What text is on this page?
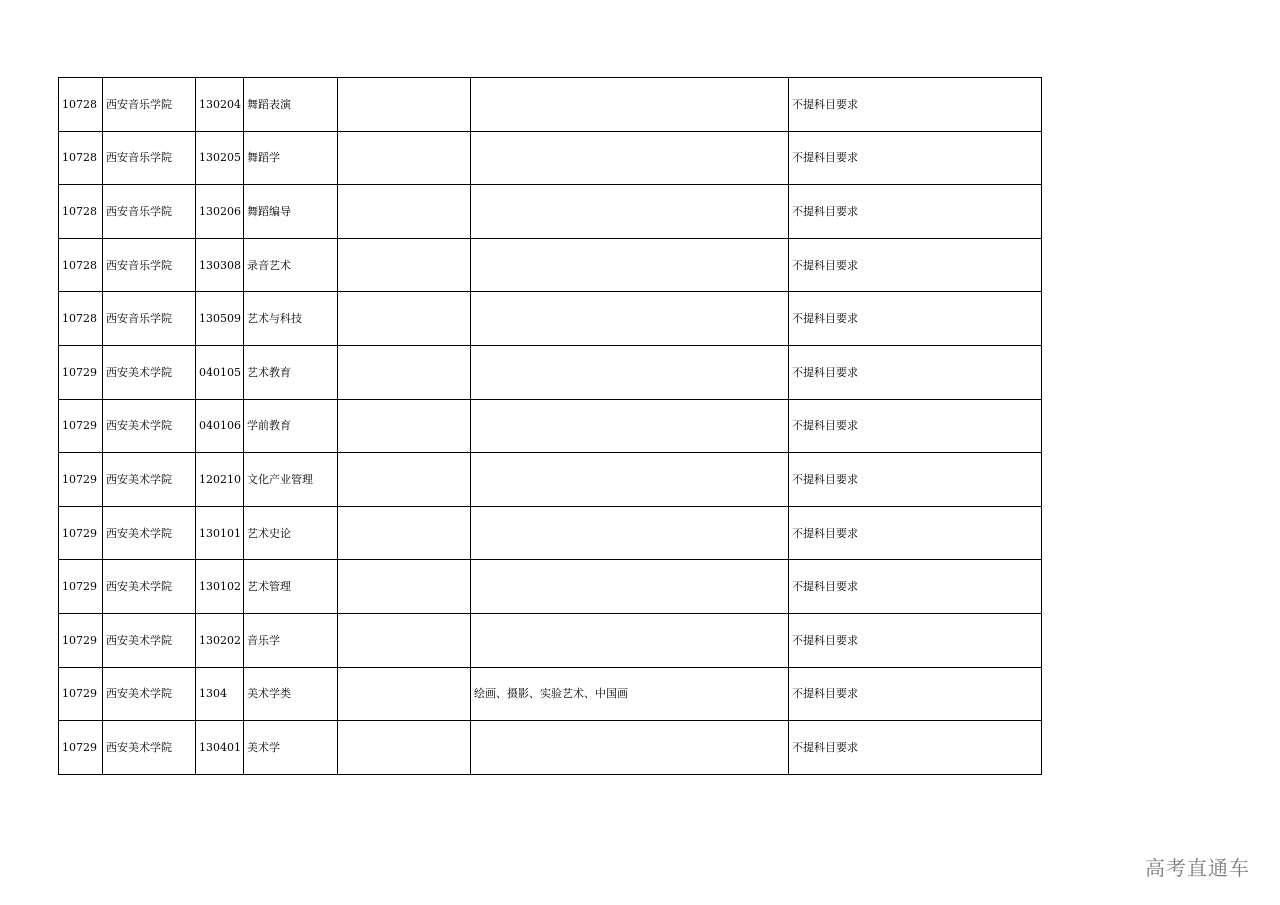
10728	西安音乐学院	130204	舞蹈表演			不提科目要求
10728	西安音乐学院	130205	舞蹈学			不提科目要求
10728	西安音乐学院	130206	舞蹈编导			不提科目要求
10728	西安音乐学院	130308	录音艺术			不提科目要求
10728	西安音乐学院	130509	艺术与科技			不提科目要求
10729	西安美术学院	040105	艺术教育			不提科目要求
10729	西安美术学院	040106	学前教育			不提科目要求
10729	西安美术学院	120210	文化产业管理			不提科目要求
10729	西安美术学院	130101	艺术史论			不提科目要求
10729	西安美术学院	130102	艺术管理			不提科目要求
10729	西安美术学院	130202	音乐学			不提科目要求
10729	西安美术学院	1304	美术学类		绘画、摄影、实验艺术、中国画	不提科目要求
10729	西安美术学院	130401	美术学			不提科目要求
高考直通车
